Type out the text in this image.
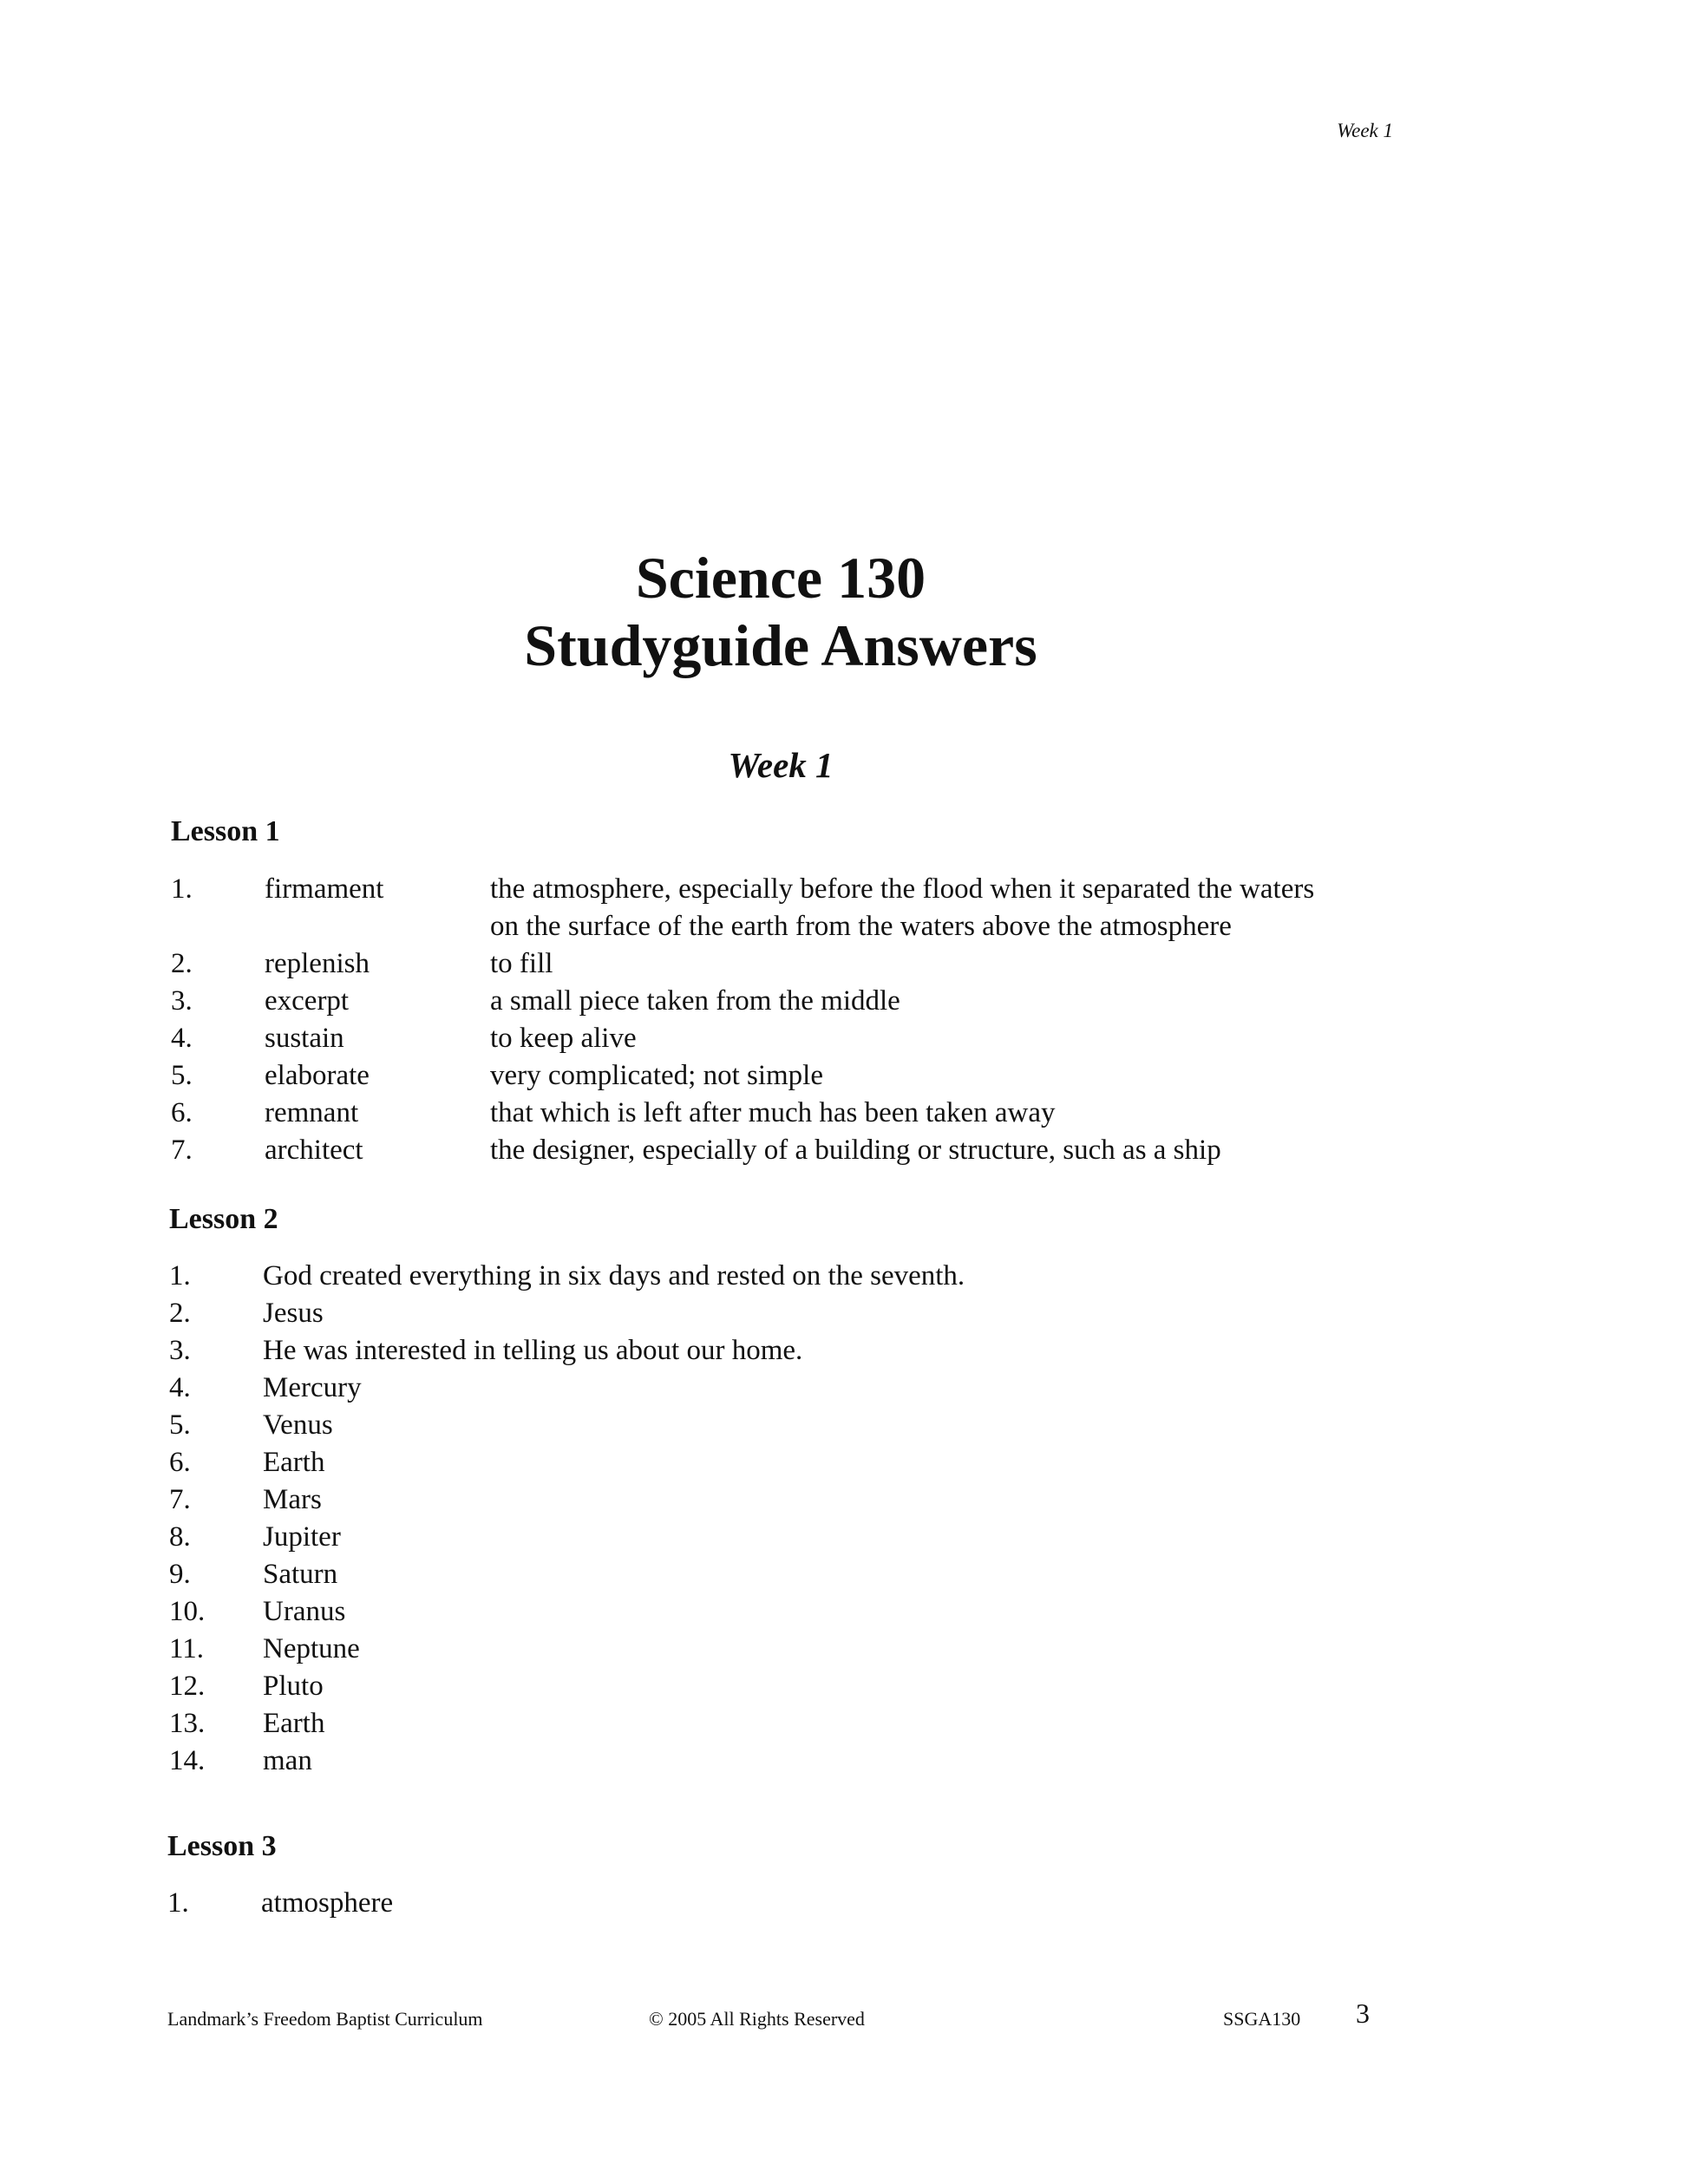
Week 1
Science 130
Studyguide Answers
Week 1
Lesson 1
1.	firmament	the atmosphere, especially before the flood when it separated the waters
on the surface of the earth from the waters above the atmosphere
2.	replenish	to fill
3.	excerpt	a small piece taken from the middle
4.	sustain	to keep alive
5.	elaborate	very complicated; not simple
6.	remnant	that which is left after much has been taken away
7.	architect	the designer, especially of a building or structure, such as a ship
Lesson 2
1.	God created everything in six days and rested on the seventh.
2.	Jesus
3.	He was interested in telling us about our home.
4.	Mercury
5.	Venus
6.	Earth
7.	Mars
8.	Jupiter
9.	Saturn
10. Uranus
11. Neptune
12. Pluto
13. Earth
14. man
Lesson 3
1.	atmosphere
Landmark’s Freedom Baptist Curriculum	© 2005 All Rights Reserved	SSGA130 3
